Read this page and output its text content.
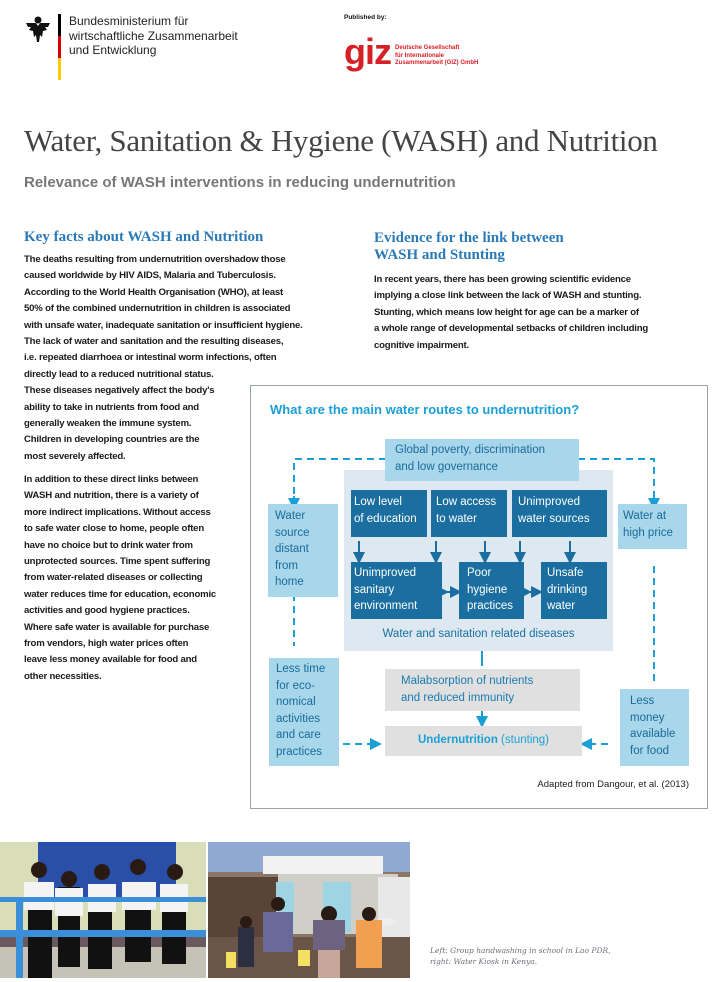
Bundesministerium für
wirtschaftliche Zusammenarbeit
und Entwicklung
Published by:
giz Deutsche Gesellschaft
für Internationale
Zusammenarbeit (GIZ) GmbH
Water, Sanitation & Hygiene (WASH) and Nutrition
Relevance of WASH interventions in reducing undernutrition
Key facts about WASH and Nutrition
The deaths resulting from undernutrition overshadow those
caused worldwide by HIV AIDS, Malaria and Tuberculosis.
According to the World Health Organisation (WHO), at least
50% of the combined undernutrition in children is associated
with unsafe water, inadequate sanitation or insufficient hygiene.
The lack of water and sanitation and the resulting diseases,
i.e. repeated diarrhoea or intestinal worm infections, often
directly lead to a reduced nutritional status.
These diseases negatively affect the body's
ability to take in nutrients from food and
generally weaken the immune system.
Children in developing countries are the
most severely affected.
In addition to these direct links between
WASH and nutrition, there is a variety of
more indirect implications. Without access
to safe water close to home, people often
have no choice but to drink water from
unprotected sources. Time spent suffering
from water-related diseases or collecting
water reduces time for education, economic
activities and good hygiene practices.
Where safe water is available for purchase
from vendors, high water prices often
leave less money available for food and
other necessities.
Evidence for the link between
WASH and Stunting
In recent years, there has been growing scientific evidence
implying a close link between the lack of WASH and stunting.
Stunting, which means low height for age can be a marker of
a whole range of developmental setbacks of children including
cognitive impairment.
What are the main water routes to undernutrition?
Global poverty, discrimination
and low governance
Low level
of education
Low access
to water
Unimproved
water sources
Unimproved
sanitary
environment
Poor
hygiene
practices
Unsafe
drinking
water
Water and sanitation related diseases
Water
source
distant
from
home
Less time
for eco-
nomical
activities
and care
practices
Water at
high price
Less
money
available
for food
Malabsorption of nutrients
and reduced immunity
Undernutrition (stunting)
Adapted from Dangour, et al. (2013)
Left: Group handwashing in school in Lao PDR,
right: Water Kiosk in Kenya.
